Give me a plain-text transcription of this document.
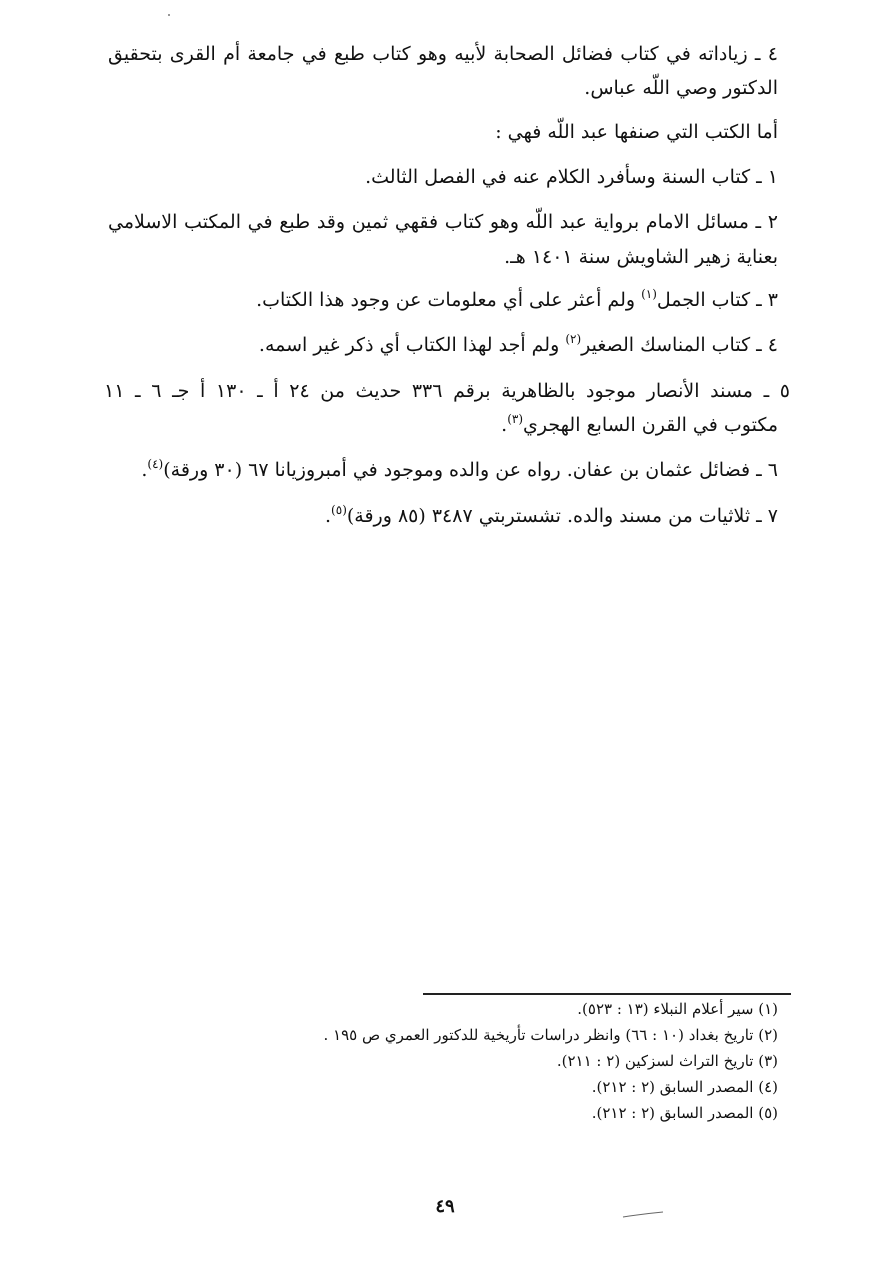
٤ ـ زياداته في كتاب فضائل الصحابة لأبيه وهو كتاب طبع في جامعة أم القرى بتحقيق
الدكتور وصي اللّه عباس.
أما الكتب التي صنفها عبد اللّه فهي :
١ ـ كتاب السنة وسأفرد الكلام عنه في الفصل الثالث.
٢ ـ مسائل الامام برواية عبد اللّه وهو كتاب فقهي ثمين وقد طبع في المكتب الاسلامي
بعناية زهير الشاويش سنة ١٤٠١ هـ.
٣ ـ كتاب الجمل$^{(١)}$ ولم أعثر على أي معلومات عن وجود هذا الكتاب.
٤ ـ كتاب المناسك الصغير$^{(٢)}$ ولم أجد لهذا الكتاب أي ذكر غير اسمه.
٥ ـ مسند الأنصار موجود بالظاهرية برقم ٣٣٦ حديث من ٢٤ أ ـ ١٣٠ أ جـ ٦ ـ ١١
مكتوب في القرن السابع الهجري$^{(٣)}$.
٦ ـ فضائل عثمان بن عفان. رواه عن والده وموجود في أمبروزيانا ٦٧ (٣٠ ورقة)$^{(٤)}$.
٧ ـ ثلاثيات من مسند والده. تشستربتي ٣٤٨٧ (٨٥ ورقة)$^{(٥)}$.
(١) سير أعلام النبلاء (١٣ : ٥٢٣).
(٢) تاريخ بغداد (١٠ : ٦٦) وانظر دراسات تأريخية للدكتور العمري ص ١٩٥ .
(٣) تاريخ التراث لسزكين (٢ : ٢١١).
(٤) المصدر السابق (٢ : ٢١٢).
(٥) المصدر السابق (٢ : ٢١٢).
٤٩
